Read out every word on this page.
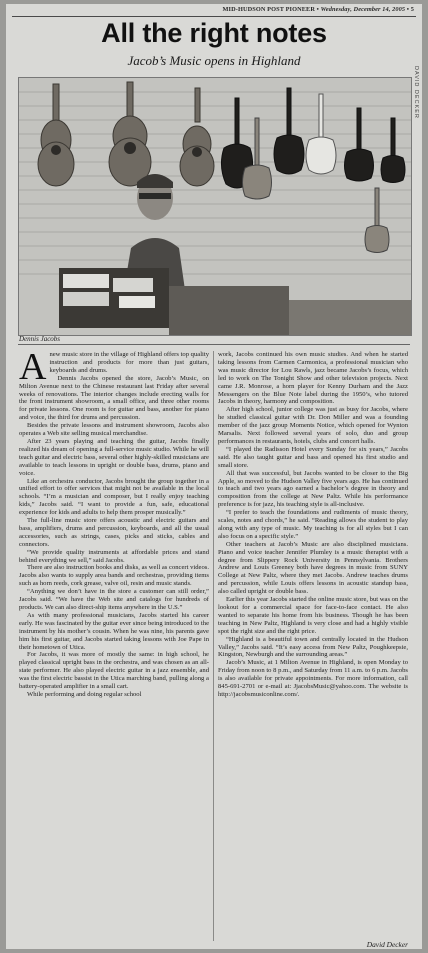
MID-HUDSON POST PIONEER • Wednesday, December 14, 2005 • 5
All the right notes
Jacob’s Music opens in Highland
DAVID DECKER
Dennis Jacobs

Anew music store in the village of Highland offers top quality instruction and products for more than just guitars, keyboards and drums.

Dennis Jacobs opened the store, Jacob’s Music, on Milton Avenue next to the Chinese restaurant last Friday after several weeks of renovations. The interior changes include erecting walls for the front instrument showroom, a small office, and three other rooms for private lessons. One room is for guitar and bass, another for piano and voice, the third for drums and percussion.

Besides the private lessons and instrument showroom, Jacobs also operates a Web site selling musical merchandise.

After 23 years playing and teaching the guitar, Jacobs finally realized his dream of opening a full-service music studio. While he will teach guitar and electric bass, several other highly-skilled musicians are available to teach lessons in upright or double bass, drums, piano and voice.

Like an orchestra conductor, Jacobs brought the group together in a unified effort to offer services that might not be available in the local schools. “I’m a musician and composer, but I really enjoy teaching kids,” Jacobs said. “I want to provide a fun, safe, educational experience for kids and adults to help them prosper musically.”

The full-line music store offers acoustic and electric guitars and bass, amplifiers, drums and percussion, keyboards, and all the usual accessories, such as strings, cases, picks and sticks, cables and connectors.

“We provide quality instruments at affordable prices and stand behind everything we sell,” said Jacobs.

There are also instruction books and disks, as well as concert videos. Jacobs also wants to supply area bands and orchestras, providing items such as horn reeds, cork grease, valve oil, resin and music stands.

“Anything we don’t have in the store a customer can still order,” Jacobs said. “We have the Web site and catalogs for hundreds of products. We can also direct-ship items anywhere in the U.S.”

As with many professional musicians, Jacobs started his career early. He was fascinated by the guitar ever since being introduced to the instrument by his mother’s cousin. When he was nine, his parents gave him his first guitar, and Jacobs started taking lessons with Joe Pape in their hometown of Utica.

For Jacobs, it was more of mostly the same: in high school, he played classical upright bass in the orchestra, and was chosen as an all-state performer. He also played electric guitar in a jazz ensemble, and was the first electric bassist in the Utica marching band, pulling along a battery-operated amplifier in a small cart.

While performing and doing regular school

work, Jacobs continued his own music studies. And when he started taking lessons from Carmen Carmonica, a professional musician who was music director for Lou Rawls, jazz became Jacobs’s focus, which led to work on The Tonight Show and other television projects. Next came J.R. Monrose, a horn player for Kenny Durham and the Jazz Messengers on the Blue Note label during the 1950’s, who tutored Jacobs in theory, harmony and composition.

After high school, junior college was just as busy for Jacobs, where he studied classical guitar with Dr. Don Miller and was a founding member of the jazz group Moments Notice, which opened for Wynton Marsalis. Next followed several years of solo, duo and group performances in restaurants, hotels, clubs and concert halls.

“I played the Radisson Hotel every Sunday for six years,” Jacobs said. He also taught guitar and bass and opened his first studio and small store.

All that was successful, but Jacobs wanted to be closer to the Big Apple, so moved to the Hudson Valley five years ago. He has continued to teach and two years ago earned a bachelor’s degree in theory and composition from the college at New Paltz. While his performance preference is for jazz, his teaching style is all-inclusive.

“I prefer to teach the foundations and rudiments of music theory, scales, notes and chords,” he said. “Reading allows the student to play along with any type of music. My teaching is for all styles but I can also focus on a specific style.”

Other teachers at Jacob’s Music are also disciplined musicians. Piano and voice teacher Jennifer Plumley is a music therapist with a degree from Slippery Rock University in Pennsylvania. Brothers Andrew and Louis Greeney both have degrees in music from SUNY College at New Paltz, where they met Jacobs. Andrew teaches drums and percussion, while Louis offers lessons in acoustic standup bass, also called upright or double bass.

Earlier this year Jacobs started the online music store, but was on the lookout for a commercial space for face-to-face contact. He also wanted to separate his home from his business. Though he has been teaching in New Paltz, Highland is very close and had a highly visible spot the right size and the right price.

“Highland is a beautiful town and centrally located in the Hudson Valley,” Jacobs said. “It’s easy access from New Paltz, Poughkeepsie, Kingston, Newburgh and the surrounding areas.”

Jacob’s Music, at 1 Milton Avenue in Highland, is open Monday to Friday from noon to 8 p.m., and Saturday from 11 a.m. to 6 p.m. Jacobs is also available for private appointments. For more information, call 845-691-2701 or e-mail at: JjacobsMusic@yahoo.com. The website is http://jacobsmusiconline.com/.

David Decker
